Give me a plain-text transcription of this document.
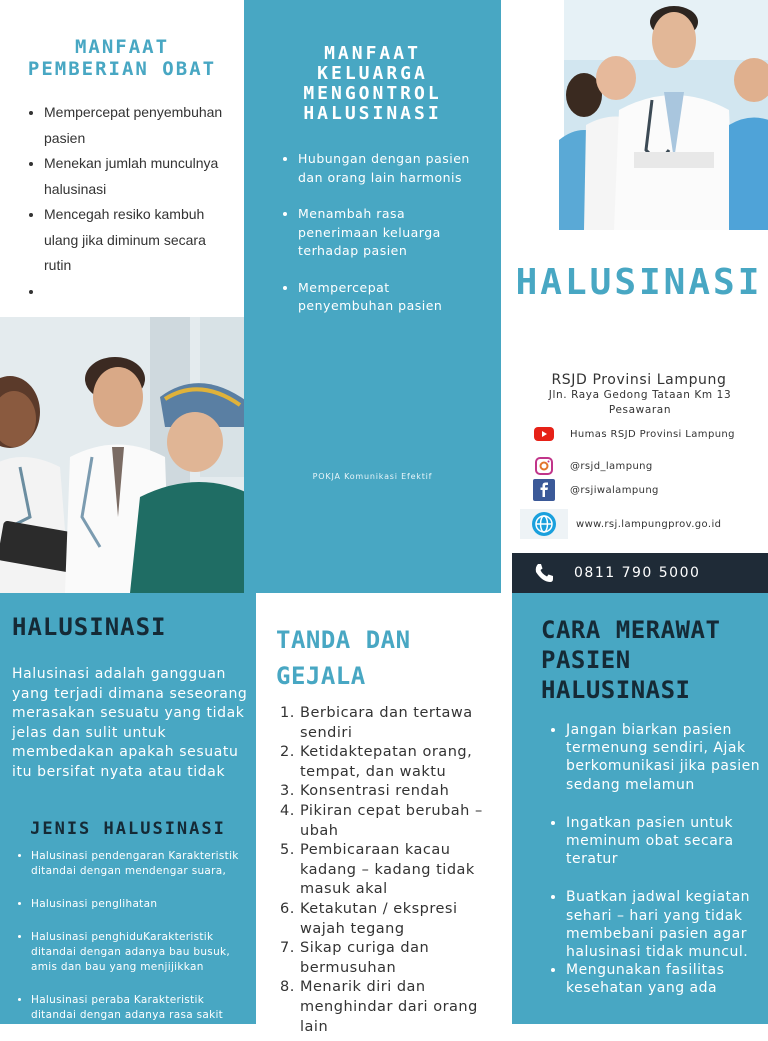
MANFAAT
PEMBERIAN OBAT
• Mempercepat penyembuhan pasien
• Menekan jumlah munculnya halusinasi
• Mencegah resiko kambuh ulang jika diminum secara rutin
•
MANFAAT
KELUARGA
MENGONTROL
HALUSINASI
• Hubungan dengan pasien dan orang lain harmonis
• Menambah rasa penerimaan keluarga terhadap pasien
• Mempercepat penyembuhan pasien
POKJA Komunikasi Efektif
HALUSINASI
RSJD Provinsi Lampung
Jln. Raya Gedong Tataan Km 13 Pesawaran
Humas RSJD Provinsi Lampung
@rsjd_lampung
@rsjiwalampung
www.rsj.lampungprov.go.id
0811 790 5000
HALUSINASI
Halusinasi adalah gangguan yang terjadi dimana seseorang merasakan sesuatu yang tidak jelas dan sulit untuk membedakan apakah sesuatu itu bersifat nyata atau tidak
JENIS HALUSINASI
• Halusinasi pendengaran Karakteristik ditandai dengan mendengar suara,
• Halusinasi penglihatan
• Halusinasi penghiduKarakteristik ditandai dengan adanya bau busuk, amis dan bau yang menjijikkan
• Halusinasi peraba Karakteristik ditandai dengan adanya rasa sakit
TANDA DAN
GEJALA
1. Berbicara dan tertawa sendiri
2. Ketidaktepatan orang, tempat, dan waktu
3. Konsentrasi rendah
4. Pikiran cepat berubah – ubah
5. Pembicaraan kacau kadang – kadang tidak masuk akal
6. Ketakutan / ekspresi wajah tegang
7. Sikap curiga dan bermusuhan
8. Menarik diri dan menghindar dari orang lain
CARA MERAWAT
PASIEN
HALUSINASI
• Jangan biarkan pasien termenung sendiri, Ajak berkomunikasi jika pasien sedang melamun
• Ingatkan pasien untuk meminum obat secara teratur
• Buatkan jadwal kegiatan sehari – hari yang tidak membebani pasien agar halusinasi tidak muncul.
• Mengunakan fasilitas kesehatan yang ada
